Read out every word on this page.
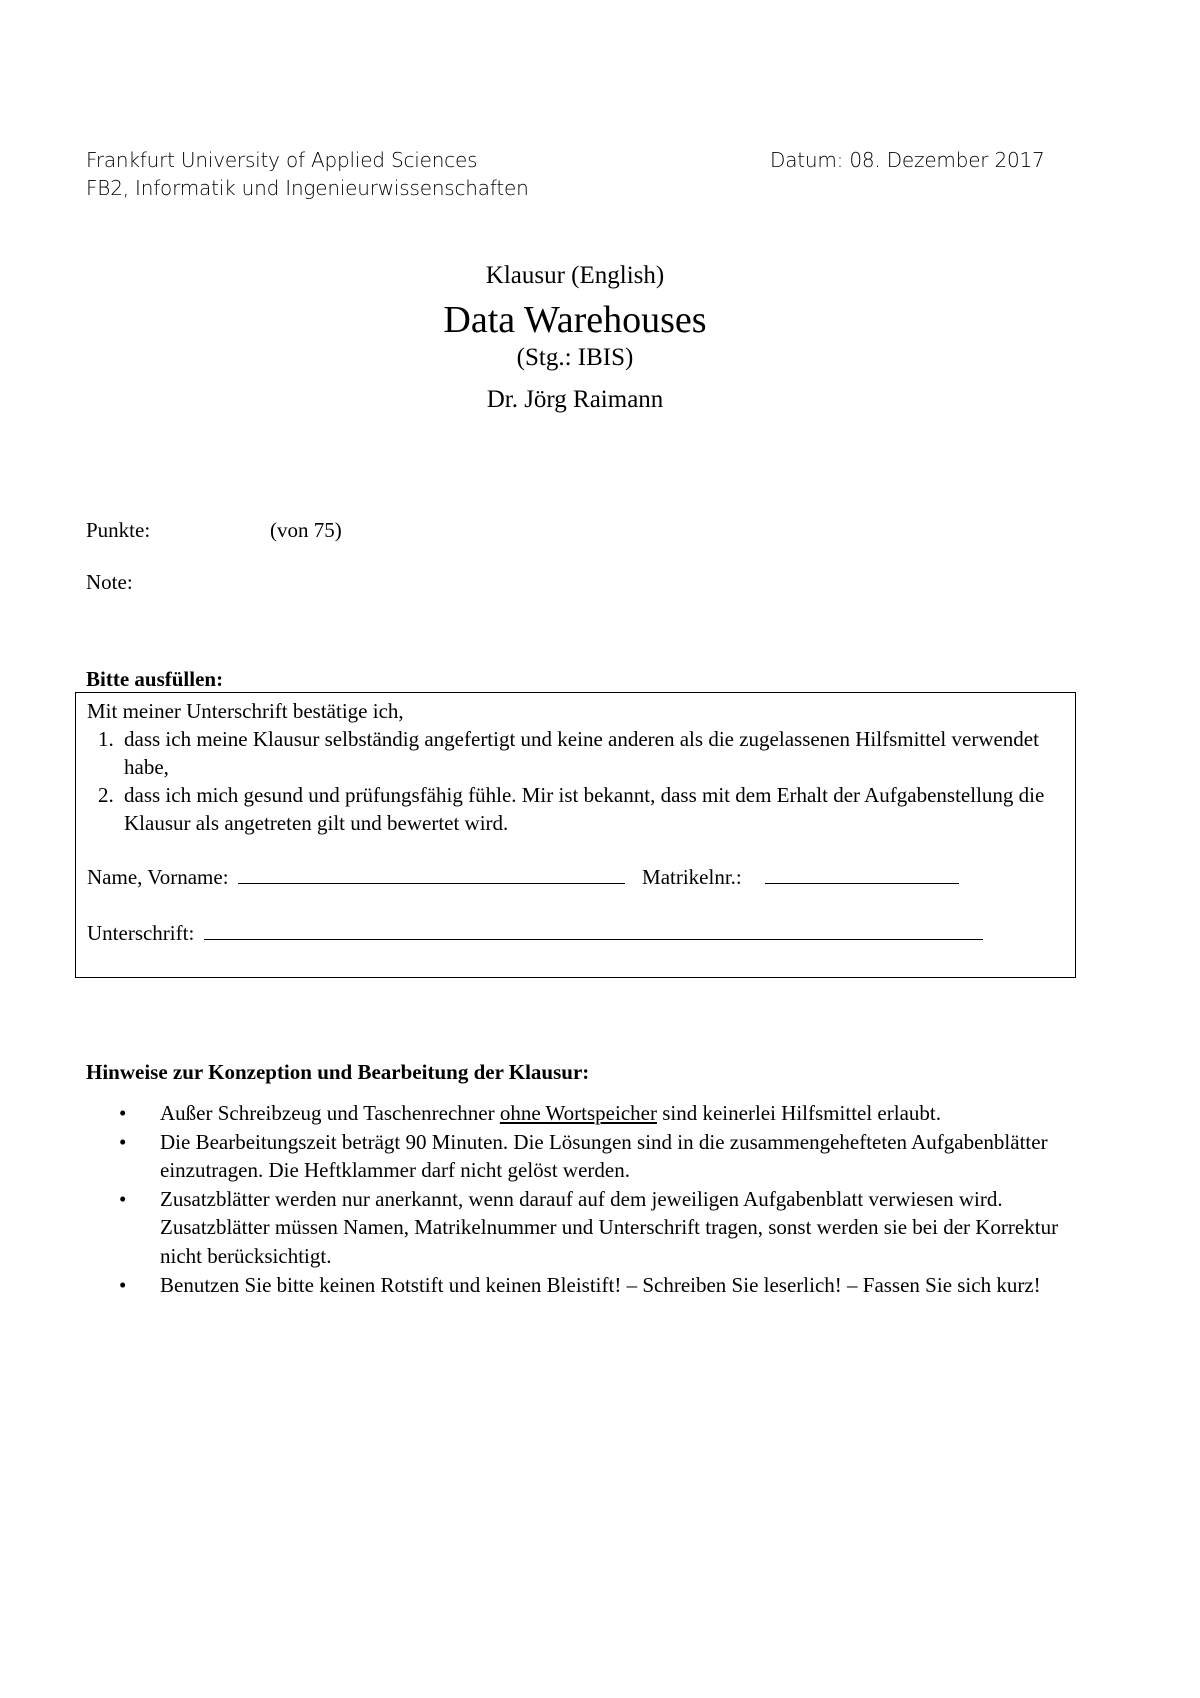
Frankfurt University of Applied Sciences
FB2, Informatik und Ingenieurwissenschaften
Datum: 08. Dezember 2017
Klausur (English)
Data Warehouses
(Stg.: IBIS)
Dr. Jörg Raimann
Punkte:	(von 75)
Note:
Bitte ausfüllen:
Mit meiner Unterschrift bestätige ich,
1. dass ich meine Klausur selbständig angefertigt und keine anderen als die zugelassenen Hilfsmittel verwendet habe,
2. dass ich mich gesund und prüfungsfähig fühle. Mir ist bekannt, dass mit dem Erhalt der Aufgabenstellung die Klausur als angetreten gilt und bewertet wird.
Name, Vorname:	Matrikelnr.:
Unterschrift:
Hinweise zur Konzeption und Bearbeitung der Klausur:
• Außer Schreibzeug und Taschenrechner ohne Wortspeicher sind keinerlei Hilfsmittel erlaubt.
• Die Bearbeitungszeit beträgt 90 Minuten. Die Lösungen sind in die zusammengehefteten Aufgabenblätter einzutragen. Die Heftklammer darf nicht gelöst werden.
• Zusatzblätter werden nur anerkannt, wenn darauf auf dem jeweiligen Aufgabenblatt verwiesen wird. Zusatzblätter müssen Namen, Matrikelnummer und Unterschrift tragen, sonst werden sie bei der Korrektur nicht berücksichtigt.
• Benutzen Sie bitte keinen Rotstift und keinen Bleistift! – Schreiben Sie leserlich! – Fassen Sie sich kurz!
